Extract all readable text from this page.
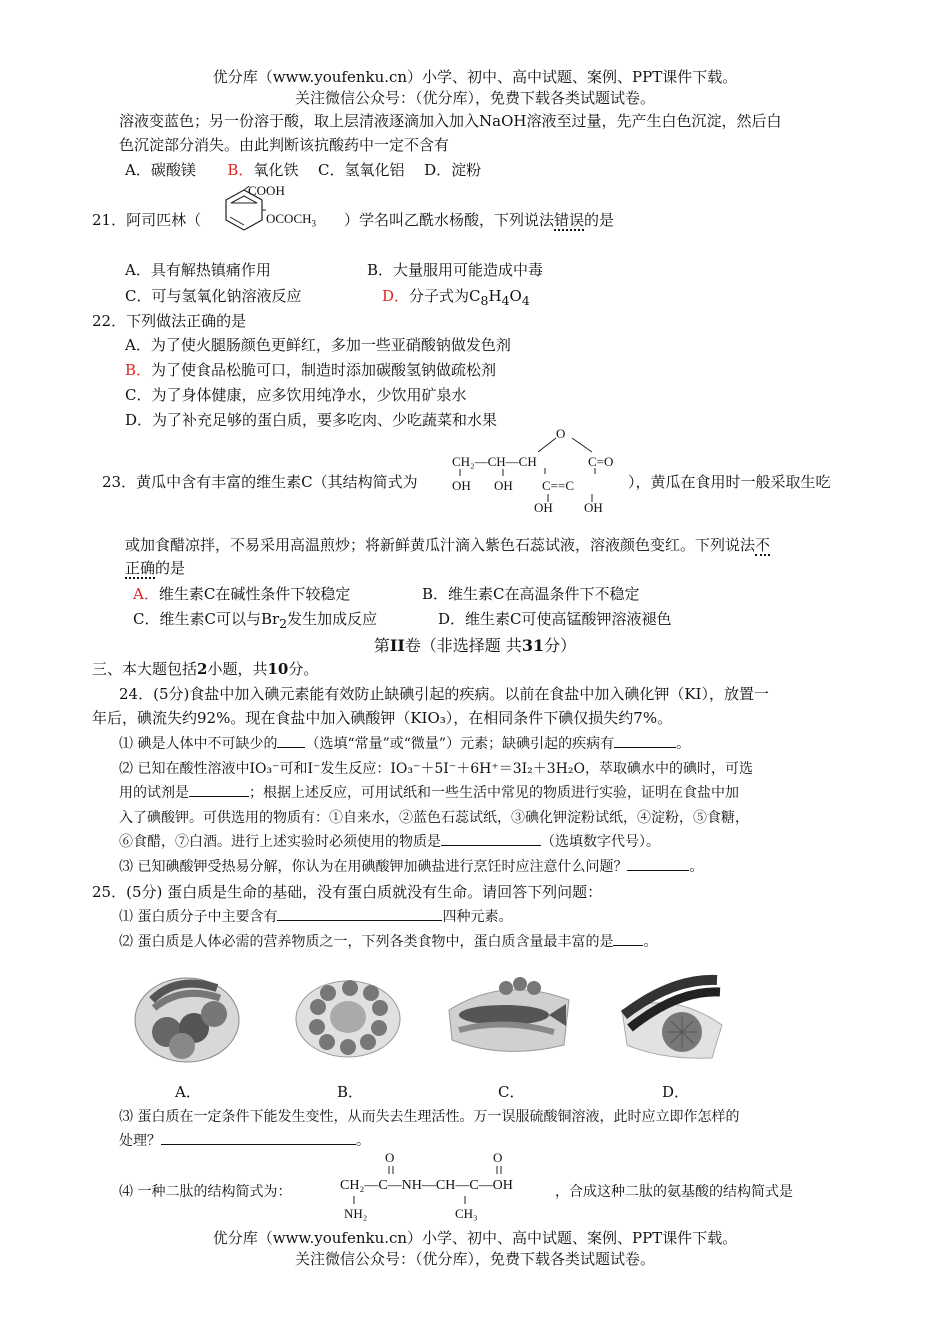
优分库（www.youfenku.cn）小学、初中、高中试题、案例、PPT课件下载。
关注微信公众号：（优分库），免费下载各类试题试卷。
溶液变蓝色；另一份溶于酸，取上层清液逐滴加入加入NaOH溶液至过量，先产生白色沉淀，然后白
色沉淀部分消失。由此判断该抗酸药中一定不含有
A．碳酸镁 B．氧化铁 C．氢氧化铝 D．淀粉
21．阿司匹林（
COOH
$OCOCH_3$ ）学名叫乙酰水杨酸，下列说法错误的是
A．具有解热镇痛作用	B．大量服用可能造成中毒
C．可与氢氧化钠溶液反应	D．分子式为$C_8H_4O_4$
22．下列做法正确的是
A．为了使火腿肠颜色更鲜红，多加一些亚硝酸钠做发色剂
B．为了使食品松脆可口，制造时添加碳酸氢钠做疏松剂
C．为了身体健康，应多饮用纯净水，少饮用矿泉水
D．为了补充足够的蛋白质，要多吃肉、少吃蔬菜和水果
23．黄瓜中含有丰富的维生素C（其结构简式为
O
CH₂—CH—CH	C=O
OH OH C==C
OH OH
），黄瓜在食用时一般采取生吃
或加食醋凉拌，不易采用高温煎炒；将新鲜黄瓜汁滴入紫色石蕊试液，溶液颜色变红。下列说法不
正确的是
A．维生素C在碱性条件下较稳定	B．维生素C在高温条件下不稳定
C．维生素C可以与$Br_2$发生加成反应	D．维生素C可使高锰酸钾溶液褪色
第II卷（非选择题 共31分）
三、本大题包括2小题，共10分。
24．(5分)食盐中加入碘元素能有效防止缺碘引起的疾病。以前在食盐中加入碘化钾（KI），放置一
年后，碘流失约92%。现在食盐中加入碘酸钾（KIO₃），在相同条件下碘仅损失约7%。
⑴ 碘是人体中不可缺少的 （选填“常量”或“微量”）元素；缺碘引起的疾病有	。
⑵ 已知在酸性溶液中IO₃⁻可和I⁻发生反应：IO₃⁻＋5I⁻＋6H⁺＝3I₂＋3H₂O，萃取碘水中的碘时，可选
用的试剂是	；根据上述反应，可用试纸和一些生活中常见的物质进行实验，证明在食盐中加
入了碘酸钾。可供选用的物质有：①自来水，②蓝色石蕊试纸，③碘化钾淀粉试纸，④淀粉，⑤食糖，
⑥食醋，⑦白酒。进行上述实验时必须使用的物质是	（选填数字代号）。
⑶ 已知碘酸钾受热易分解，你认为在用碘酸钾加碘盐进行烹饪时应注意什么问题？	。
25．(5分) 蛋白质是生命的基础，没有蛋白质就没有生命。请回答下列问题：
⑴ 蛋白质分子中主要含有	四种元素。
⑵ 蛋白质是人体必需的营养物质之一，下列各类食物中，蛋白质含量最丰富的是 。
A．	B．	C．	D．
⑶ 蛋白质在一定条件下能发生变性，从而失去生理活性。万一误服硫酸铜溶液，此时应立即作怎样的
处理？	。
⑷ 一种二肽的结构简式为：
O	O
CH₂—C—NH—CH—C—OH
NH₂	CH₃
，合成这种二肽的氨基酸的结构简式是
优分库（www.youfenku.cn）小学、初中、高中试题、案例、PPT课件下载。
关注微信公众号：（优分库），免费下载各类试题试卷。
